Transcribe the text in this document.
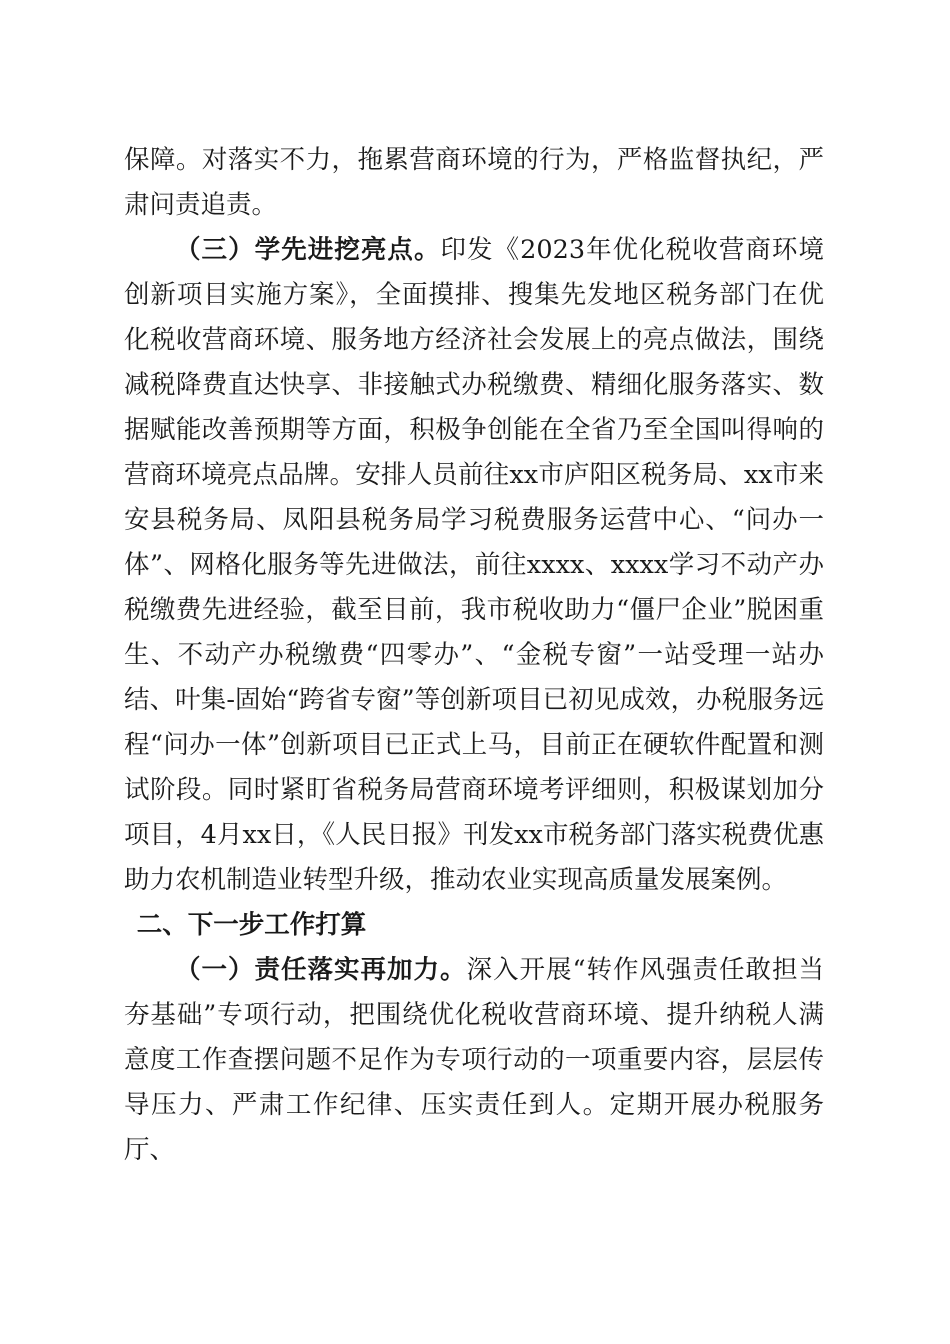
保障。对落实不力，拖累营商环境的行为，严格监督执纪，严肃问责追责。

（三）学先进挖亮点。印发《2023年优化税收营商环境创新项目实施方案》，全面摸排、搜集先发地区税务部门在优化税收营商环境、服务地方经济社会发展上的亮点做法，围绕减税降费直达快享、非接触式办税缴费、精细化服务落实、数据赋能改善预期等方面，积极争创能在全省乃至全国叫得响的营商环境亮点品牌。安排人员前往xx市庐阳区税务局、xx市来安县税务局、凤阳县税务局学习税费服务运营中心、“问办一体”、网格化服务等先进做法，前往xxxx、xxxx学习不动产办税缴费先进经验，截至目前，我市税收助力“僵尸企业”脱困重生、不动产办税缴费“四零办”、“金税专窗”一站受理一站办结、叶集-固始“跨省专窗”等创新项目已初见成效，办税服务远程“问办一体”创新项目已正式上马，目前正在硬软件配置和测试阶段。同时紧盯省税务局营商环境考评细则，积极谋划加分项目，4月xx日，《人民日报》刊发xx市税务部门落实税费优惠助力农机制造业转型升级，推动农业实现高质量发展案例。

二、下一步工作打算

（一）责任落实再加力。深入开展“转作风强责任敢担当夯基础”专项行动，把围绕优化税收营商环境、提升纳税人满意度工作查摆问题不足作为专项行动的一项重要内容，层层传导压力、严肃工作纪律、压实责任到人。定期开展办税服务厅、
